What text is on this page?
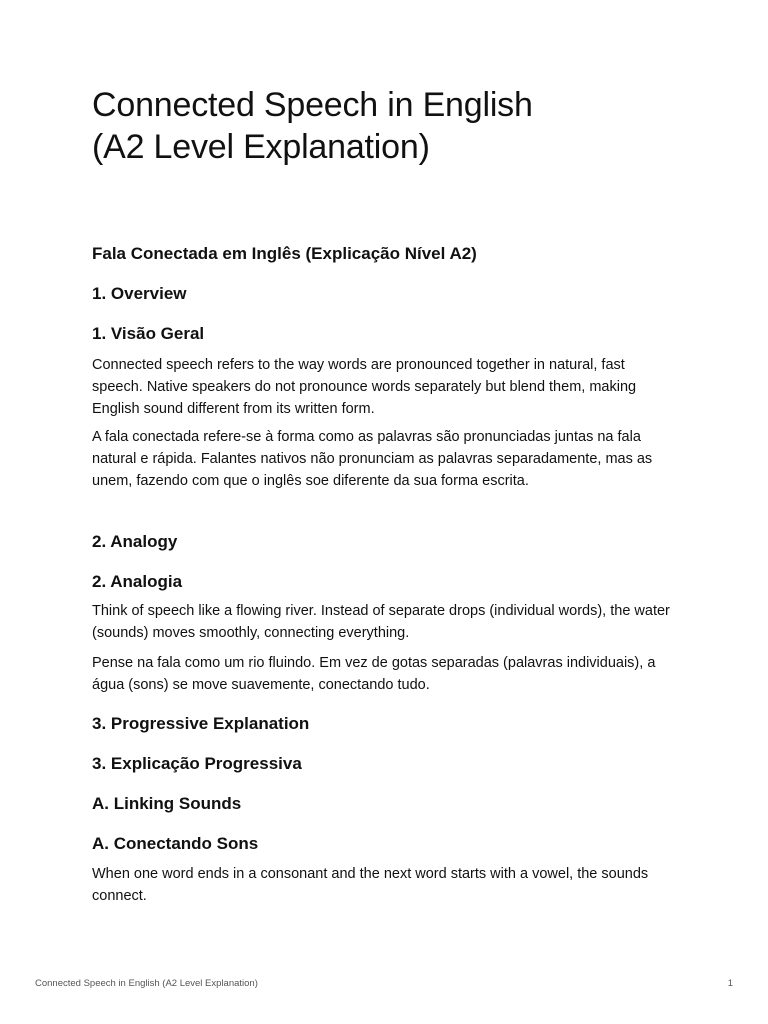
Connected Speech in English
(A2 Level Explanation)
Fala Conectada em Inglês (Explicação Nível A2)
1. Overview
1. Visão Geral

Connected speech refers to the way words are pronounced together in natural, fast speech. Native speakers do not pronounce words separately but blend them, making English sound different from its written form.

A fala conectada refere-se à forma como as palavras são pronunciadas juntas na fala natural e rápida. Falantes nativos não pronunciam as palavras separadamente, mas as unem, fazendo com que o inglês soe diferente da sua forma escrita.

2. Analogy
2. Analogia

Think of speech like a flowing river. Instead of separate drops (individual words), the water (sounds) moves smoothly, connecting everything.

Pense na fala como um rio fluindo. Em vez de gotas separadas (palavras individuais), a água (sons) se move suavemente, conectando tudo.

3. Progressive Explanation
3. Explicação Progressiva
A. Linking Sounds
A. Conectando Sons

When one word ends in a consonant and the next word starts with a vowel, the sounds connect.

Connected Speech in English (A2 Level Explanation)	1
